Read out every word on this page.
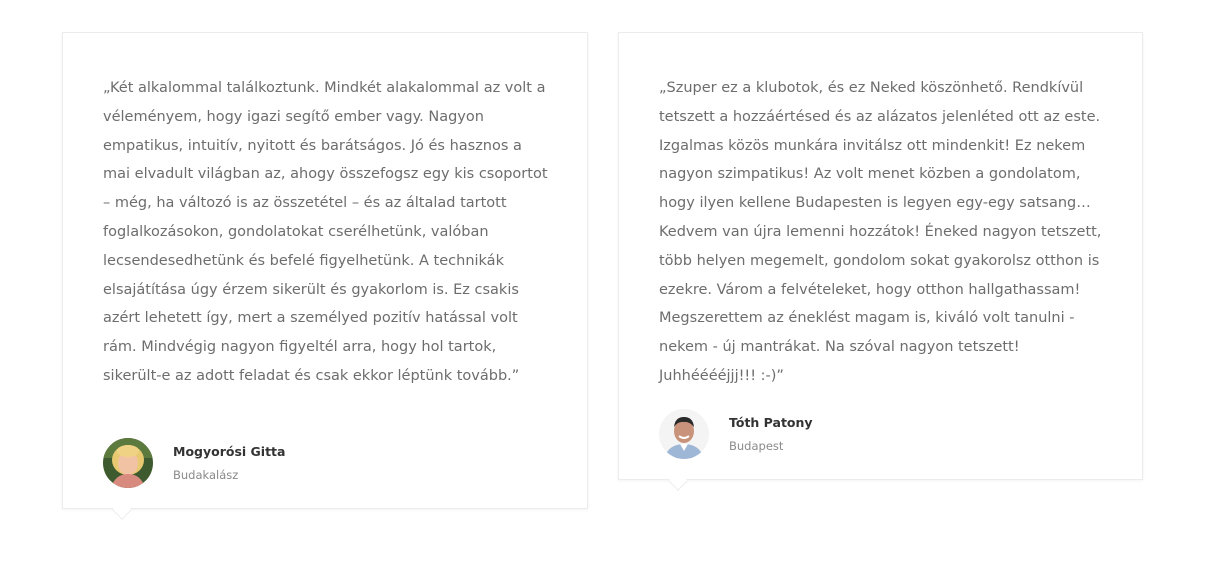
„Két alkalommal találkoztunk. Mindkét alakalommal az volt a véleményem, hogy igazi segítő ember vagy. Nagyon empatikus, intuitív, nyitott és barátságos. Jó és hasznos a mai elvadult világban az, ahogy összefogsz egy kis csoportot – még, ha változó is az összetétel – és az általad tartott foglalkozásokon, gondolatokat cserélhetünk, valóban lecsendesedhetünk és befelé figyelhetünk. A technikák elsajátítása úgy érzem sikerült és gyakorlom is. Ez csakis azért lehetett így, mert a személyed pozitív hatással volt rám. Mindvégig nagyon figyeltél arra, hogy hol tartok, sikerült-e az adott feladat és csak ekkor léptünk tovább.”

Mogyorósi Gitta
Budakalász

„Szuper ez a klubotok, és ez Neked köszönhető. Rendkívül tetszett a hozzáértésed és az alázatos jelenléted ott az este. Izgalmas közös munkára invitálsz ott mindenkit! Ez nekem nagyon szimpatikus! Az volt menet közben a gondolatom, hogy ilyen kellene Budapesten is legyen egy-egy satsang… Kedvem van újra lemenni hozzátok! Éneked nagyon tetszett, több helyen megemelt, gondolom sokat gyakorolsz otthon is ezekre. Várom a felvételeket, hogy otthon hallgathassam! Megszerettem az éneklést magam is, kiváló volt tanulni - nekem - új mantrákat. Na szóval nagyon tetszett! Juhhééééjjj!!! :-)”

Tóth Patony
Budapest
